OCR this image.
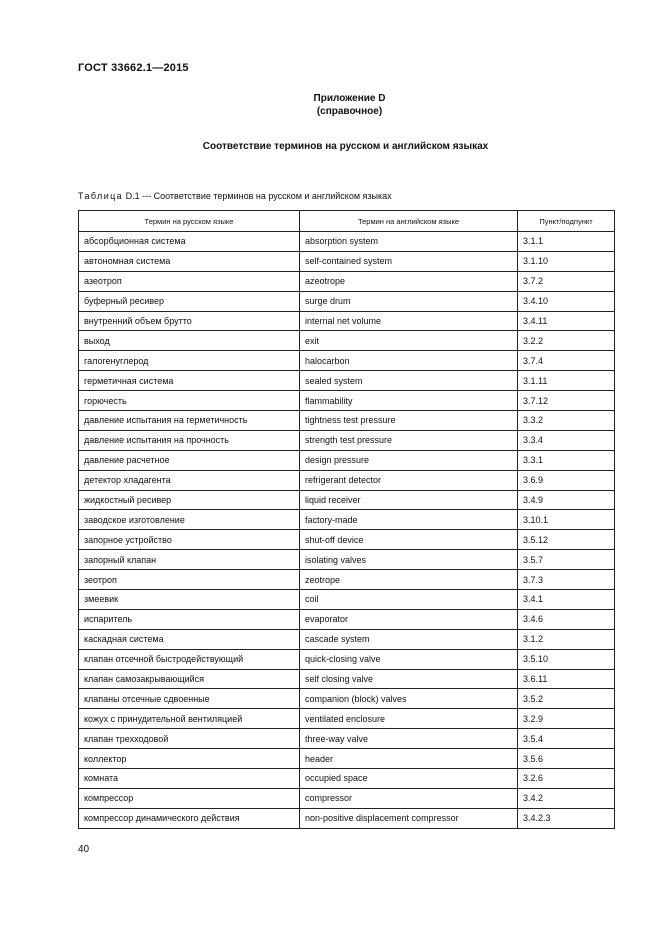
ГОСТ 33662.1—2015
Приложение D
(справочное)
Соответствие терминов на русском и английском языках
Таблица D.1 --- Соответствие терминов на русском и английском языках
Термин на русском языке	Термин на английском языке	Пункт/подпункт
абсорбционная система	absorption system	3.1.1
автономная система	self-contained system	3.1.10
азеотроп	azeotrope	3.7.2
буферный ресивер	surge drum	3.4.10
внутренний объем брутто	internal net volume	3.4.11
выход	exit	3.2.2
галогенуглерод	halocarbon	3.7.4
герметичная система	sealed system	3.1.11
горючесть	flammability	3.7.12
давление испытания на герметичность	tightness test pressure	3.3.2
давление испытания на прочность	strength test pressure	3.3.4
давление расчетное	design pressure	3.3.1
детектор хладагента	refrigerant detector	3.6.9
жидкостный ресивер	liquid receiver	3.4.9
заводское изготовление	factory-made	3.10.1
запорное устройство	shut-off device	3.5.12
запорный клапан	isolating valves	3.5.7
зеотроп	zeotrope	3.7.3
змеевик	coil	3.4.1
испаритель	evaporator	3.4.6
каскадная система	cascade system	3.1.2
клапан отсечной быстродействующий	quick-closing valve	3.5.10
клапан самозакрывающийся	self closing valve	3.6.11
клапаны отсечные сдвоенные	companion (block) valves	3.5.2
кожух с принудительной вентиляцией	ventilated enclosure	3.2.9
клапан трехходовой	three-way valve	3.5.4
коллектор	header	3.5.6
комната	occupied space	3.2.6
компрессор	compressor	3.4.2
компрессор динамического действия	non-positive displacement compressor	3.4.2.3
40
